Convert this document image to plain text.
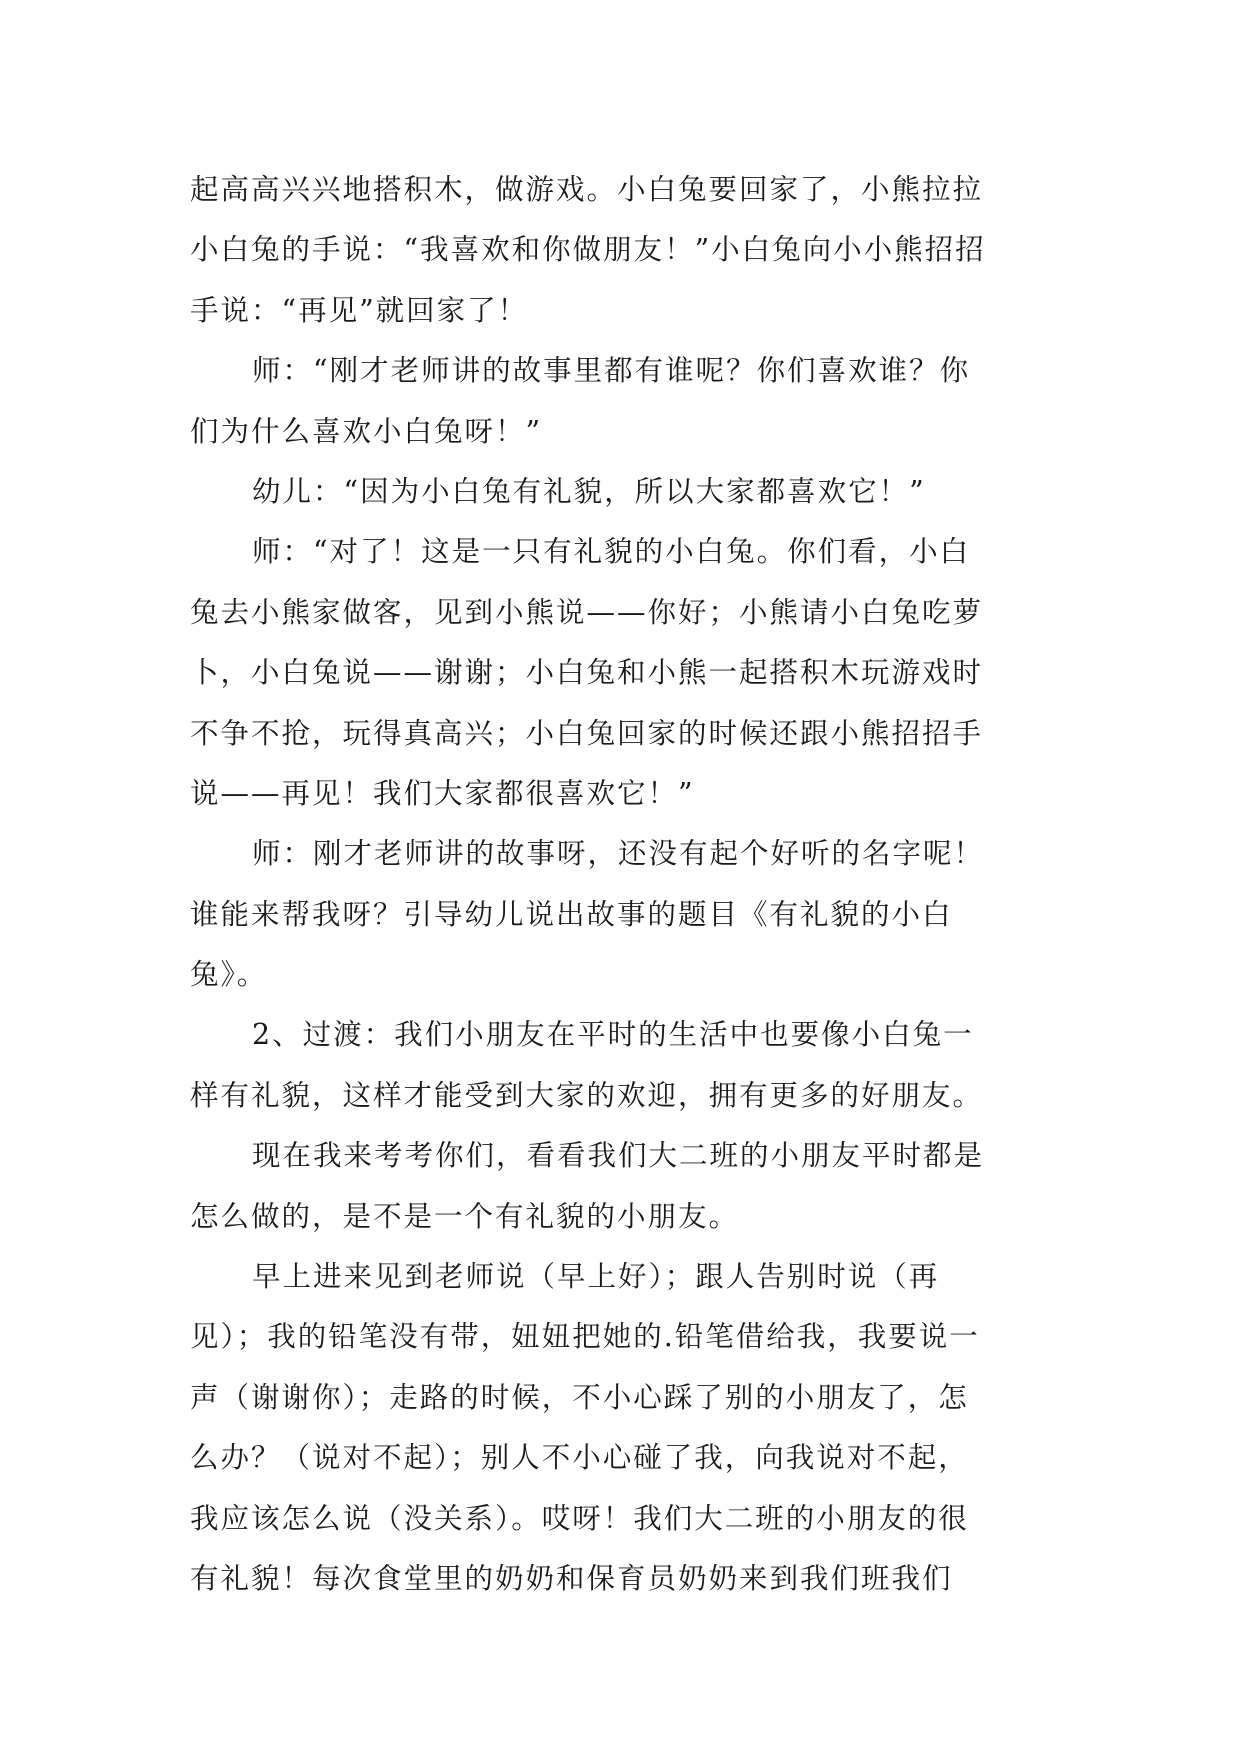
起高高兴兴地搭积木，做游戏。小白兔要回家了，小熊拉拉
小白兔的手说：“我喜欢和你做朋友！”小白兔向小小熊招招
手说：“再见”就回家了！
师：“刚才老师讲的故事里都有谁呢？你们喜欢谁？你
们为什么喜欢小白兔呀！”
幼儿：“因为小白兔有礼貌，所以大家都喜欢它！”
师：“对了！这是一只有礼貌的小白兔。你们看，小白
兔去小熊家做客，见到小熊说——你好；小熊请小白兔吃萝
卜，小白兔说——谢谢；小白兔和小熊一起搭积木玩游戏时
不争不抢，玩得真高兴；小白兔回家的时候还跟小熊招招手
说——再见！我们大家都很喜欢它！”
师：刚才老师讲的故事呀，还没有起个好听的名字呢！
谁能来帮我呀？引导幼儿说出故事的题目《有礼貌的小白
兔》。
2、过渡：我们小朋友在平时的生活中也要像小白兔一
样有礼貌，这样才能受到大家的欢迎，拥有更多的好朋友。
现在我来考考你们，看看我们大二班的小朋友平时都是
怎么做的，是不是一个有礼貌的小朋友。
早上进来见到老师说（早上好）；跟人告别时说（再
见）；我的铅笔没有带，妞妞把她的.铅笔借给我，我要说一
声（谢谢你）；走路的时候，不小心踩了别的小朋友了，怎
么办？（说对不起）；别人不小心碰了我，向我说对不起，
我应该怎么说（没关系）。哎呀！我们大二班的小朋友的很
有礼貌！每次食堂里的奶奶和保育员奶奶来到我们班我们
